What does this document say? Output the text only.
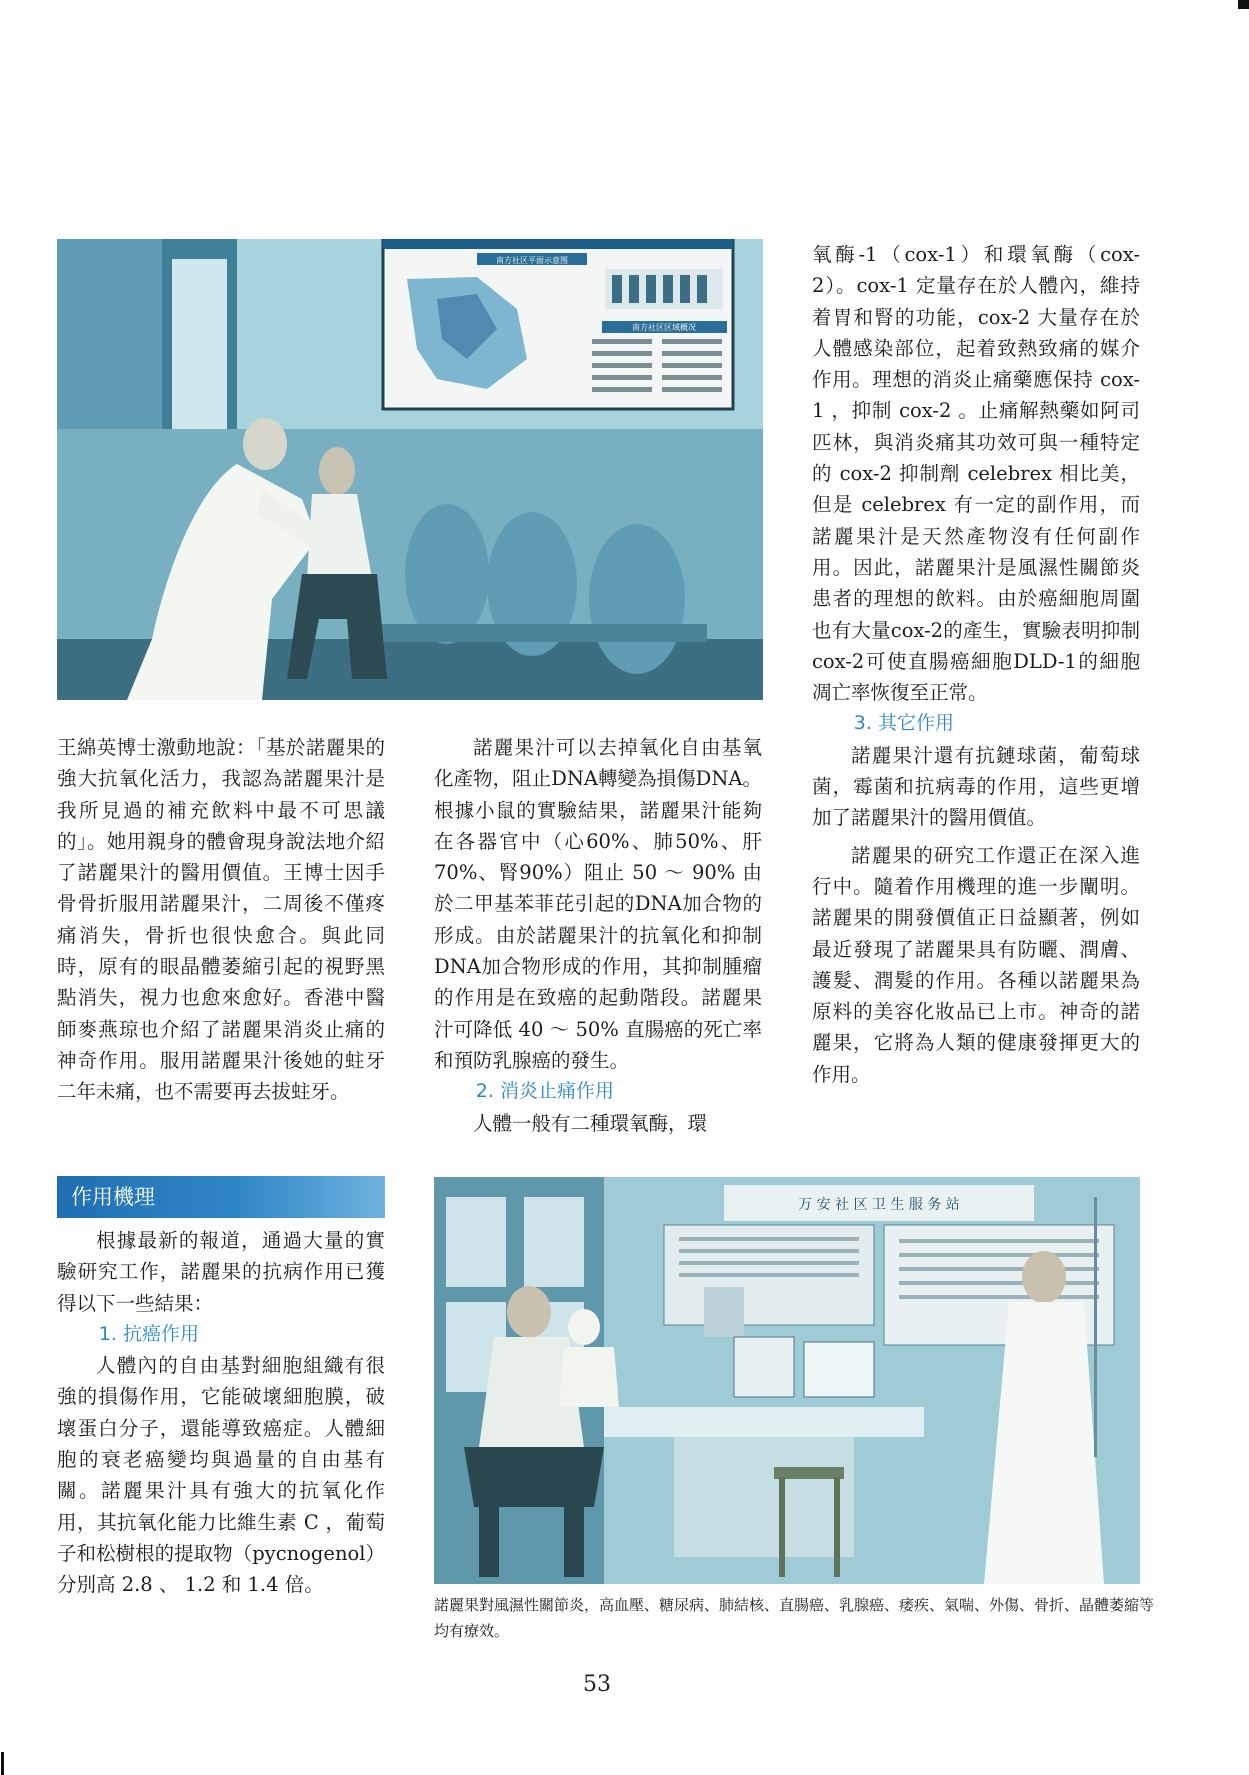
南方社区平面示意图
南方社区区域概况

王綿英博士激動地說：「基於諾麗果的強大抗氧化活力，我認為諾麗果汁是我所見過的補充飲料中最不可思議的」。她用親身的體會現身說法地介紹了諾麗果汁的醫用價值。王博士因手骨骨折服用諾麗果汁，二周後不僅疼痛消失，骨折也很快愈合。與此同時，原有的眼晶體萎縮引起的視野黑點消失，視力也愈來愈好。香港中醫師麥燕琼也介紹了諾麗果消炎止痛的神奇作用。服用諾麗果汁後她的蛀牙二年未痛，也不需要再去拔蛀牙。

作用機理

根據最新的報道，通過大量的實驗研究工作，諾麗果的抗病作用已獲得以下一些結果：

1. 抗癌作用

人體內的自由基對細胞組織有很強的損傷作用，它能破壞細胞膜，破壞蛋白分子，還能導致癌症。人體細胞的衰老癌變均與過量的自由基有關。諾麗果汁具有強大的抗氧化作用，其抗氧化能力比維生素 C ，葡萄子和松樹根的提取物（pycnogenol）分別高 2.8 、 1.2 和 1.4 倍。

諾麗果汁可以去掉氧化自由基氧化產物，阻止DNA轉變為損傷DNA。根據小鼠的實驗結果，諾麗果汁能夠在各器官中（心60%、肺50%、肝70%、腎90%）阻止 50 ～ 90% 由於二甲基苯菲芘引起的DNA加合物的形成。由於諾麗果汁的抗氧化和抑制DNA加合物形成的作用，其抑制腫瘤的作用是在致癌的起動階段。諾麗果汁可降低 40 ～ 50% 直腸癌的死亡率和預防乳腺癌的發生。

2. 消炎止痛作用

人體一般有二種環氧酶，環

氧酶-1（cox-1）和環氧酶（cox-2）。cox-1 定量存在於人體內，維持着胃和腎的功能，cox-2 大量存在於人體感染部位，起着致熱致痛的媒介作用。理想的消炎止痛藥應保持 cox-1 ，抑制 cox-2 。止痛解熱藥如阿司匹林，與消炎痛其功效可與一種特定的 cox-2 抑制劑 celebrex 相比美，但是 celebrex 有一定的副作用，而諾麗果汁是天然產物沒有任何副作用。因此，諾麗果汁是風濕性關節炎患者的理想的飲料。由於癌細胞周圍也有大量cox-2的產生，實驗表明抑制cox-2可使直腸癌細胞DLD-1的細胞凋亡率恢復至正常。

3. 其它作用

諾麗果汁還有抗鏈球菌，葡萄球菌，霉菌和抗病毒的作用，這些更增加了諾麗果汁的醫用價值。

諾麗果的研究工作還正在深入進行中。隨着作用機理的進一步闡明。諾麗果的開發價值正日益顯著，例如最近發現了諾麗果具有防曬、潤膚、護髮、潤髮的作用。各種以諾麗果為原料的美容化妝品已上市。神奇的諾麗果，它將為人類的健康發揮更大的作用。

万 安 社 区 卫 生 服 务 站
諾麗果對風濕性關節炎，高血壓、糖尿病、肺結核、直腸癌、乳腺癌、痿疾、氣喘、外傷、骨折、晶體萎縮等均有療效。
53
